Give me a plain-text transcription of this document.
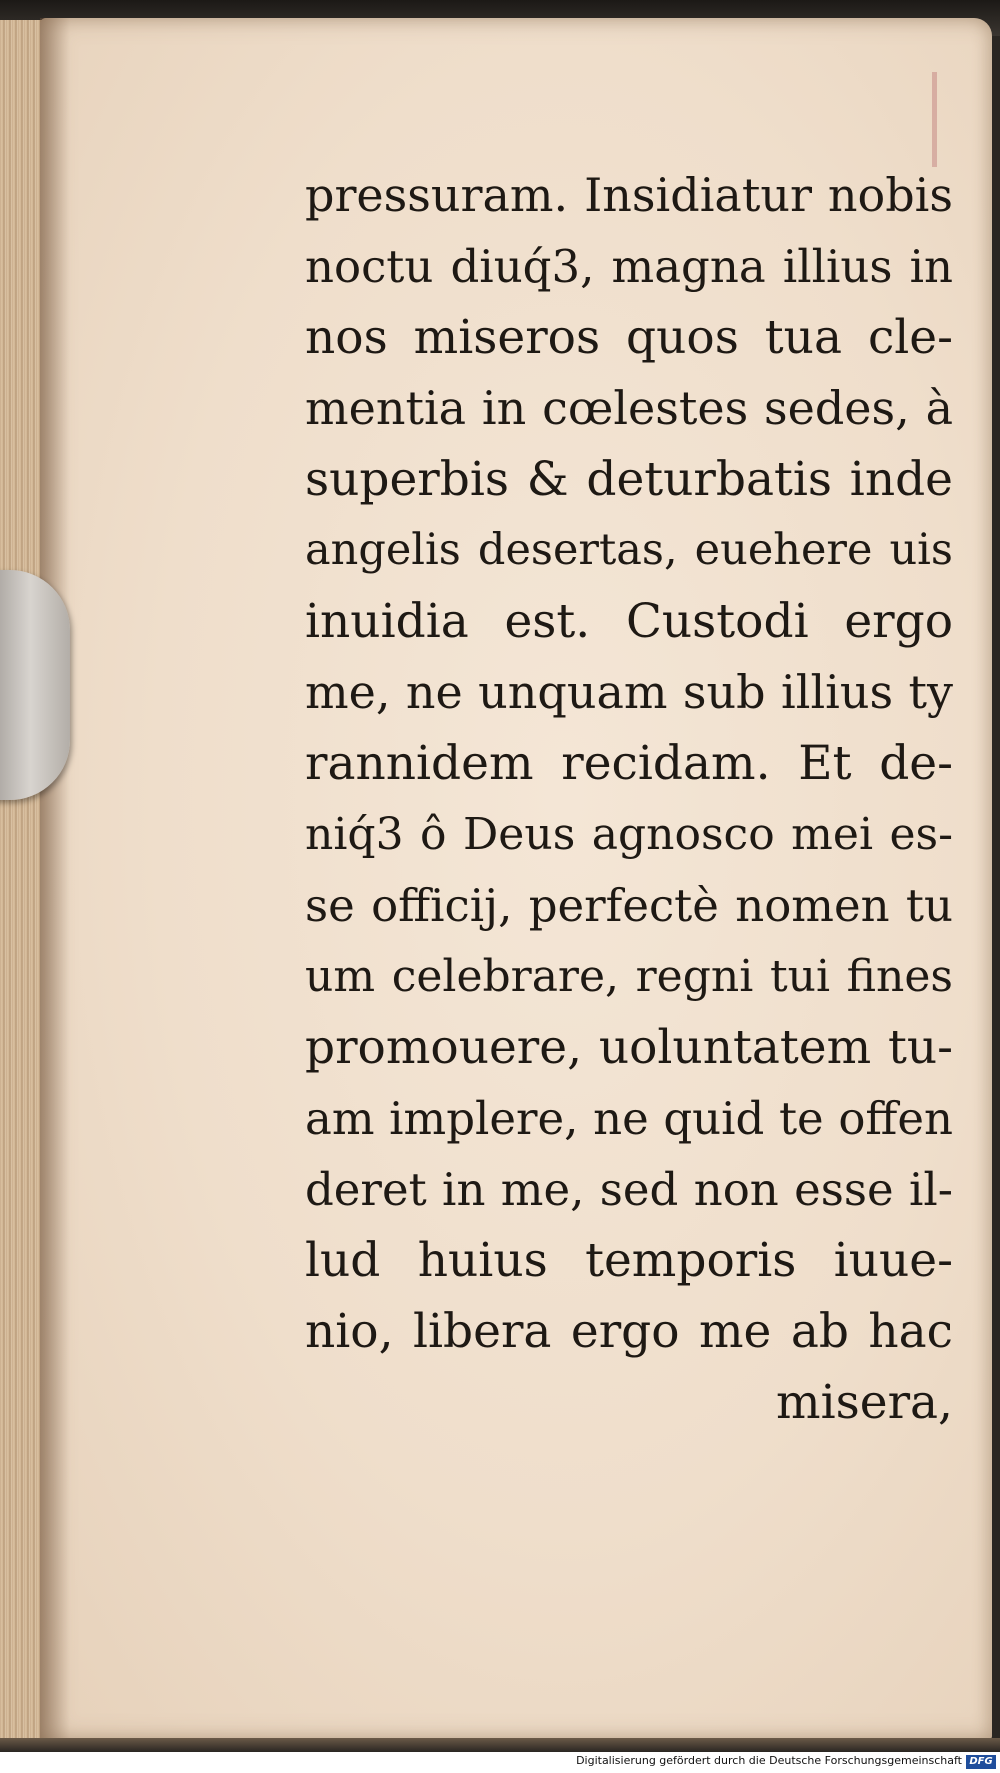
pressuram. Insidiatur nobis
noctu diuq́3, magna illius in
nos miseros quos tua cle-
mentia in cœlestes sedes, à
superbis & deturbatis inde
angelis desertas, euehere uis
inuidia est. Custodi ergo
me, ne unquam sub illius ty
rannidem recidam. Et de-
niq́3 ô Deus agnosco mei es-
se officij, perfectè nomen tu
um celebrare, regni tui fines
promouere, uoluntatem tu-
am implere, ne quid te offen
deret in me, sed non esse il-
lud huius temporis iuue-
nio, libera ergo me ab hac
misera,
Digitalisierung gefördert durch die Deutsche Forschungsgemeinschaft DFG
